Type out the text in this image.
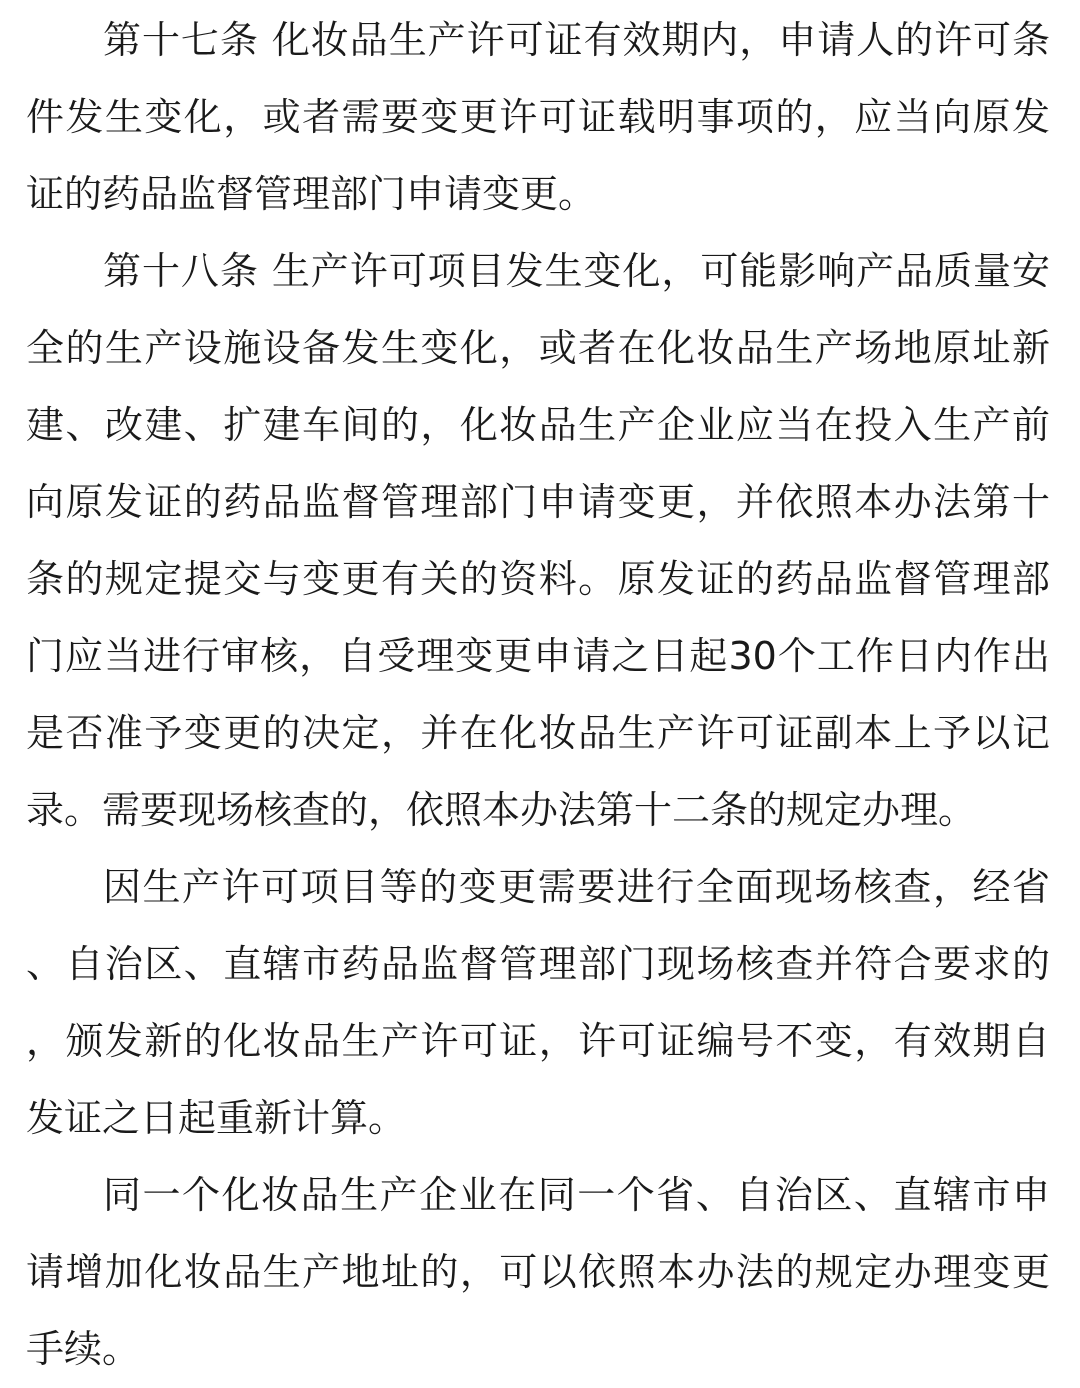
第十七条 化妆品生产许可证有效期内，申请人的许可条件发生变化，或者需要变更许可证载明事项的，应当向原发证的药品监督管理部门申请变更。

第十八条 生产许可项目发生变化，可能影响产品质量安全的生产设施设备发生变化，或者在化妆品生产场地原址新建、改建、扩建车间的，化妆品生产企业应当在投入生产前向原发证的药品监督管理部门申请变更，并依照本办法第十条的规定提交与变更有关的资料。原发证的药品监督管理部门应当进行审核，自受理变更申请之日起30个工作日内作出是否准予变更的决定，并在化妆品生产许可证副本上予以记录。需要现场核查的，依照本办法第十二条的规定办理。

因生产许可项目等的变更需要进行全面现场核查，经省、自治区、直辖市药品监督管理部门现场核查并符合要求的，颁发新的化妆品生产许可证，许可证编号不变，有效期自发证之日起重新计算。

同一个化妆品生产企业在同一个省、自治区、直辖市申请增加化妆品生产地址的，可以依照本办法的规定办理变更手续。
